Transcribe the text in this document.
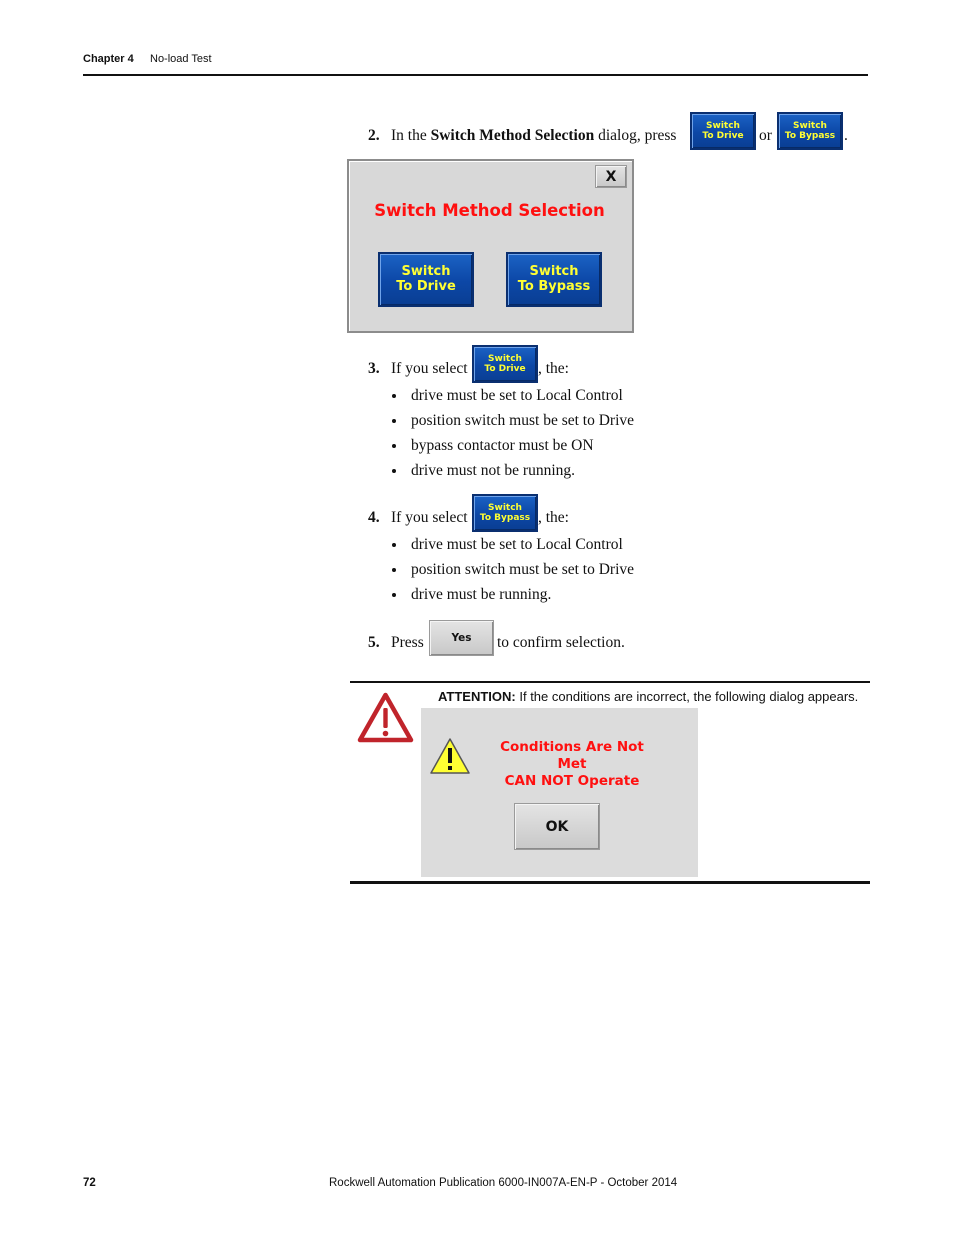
Chapter 4 No-load Test
2. In the Switch Method Selection dialog, press
Switch
To Drive or
Switch
To Bypass .
X
Switch Method Selection
Switch
To Drive
Switch
To Bypass
3. If you select
Switch
To Drive , the:
drive must be set to Local Control
position switch must be set to Drive
bypass contactor must be ON
drive must not be running.
4. If you select
Switch
To Bypass , the:
drive must be set to Local Control
position switch must be set to Drive
drive must be running.
5. Press	Yes	to confirm selection.
ATTENTION: If the conditions are incorrect, the following dialog appears.
Conditions Are Not Met
CAN NOT Operate
OK
72	Rockwell Automation Publication 6000-IN007A-EN-P - October 2014
